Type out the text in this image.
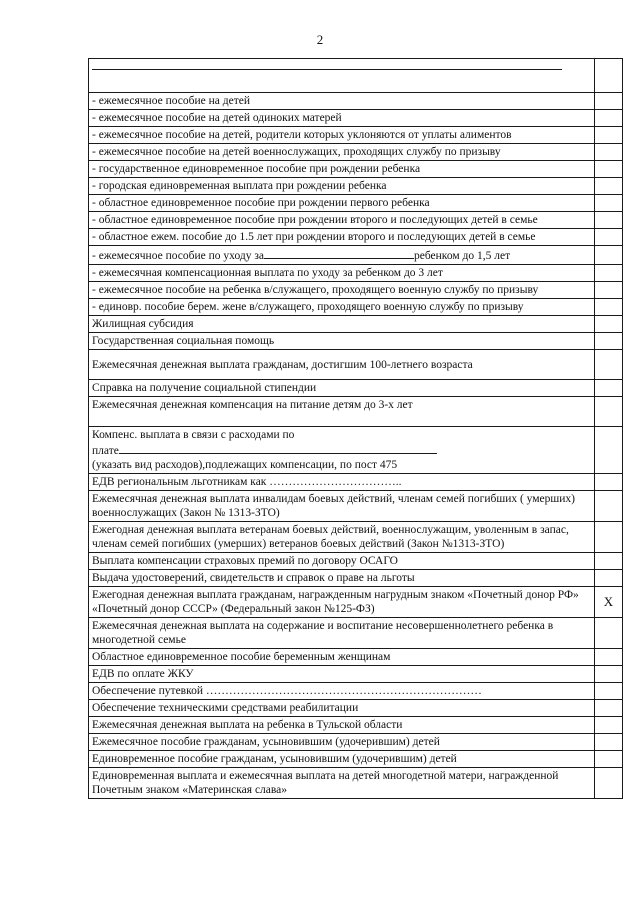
2

- ежемесячное пособие на детей	
- ежемесячное пособие на детей одиноких матерей	
- ежемесячное пособие на детей, родители которых уклоняются от уплаты алиментов	
- ежемесячное пособие на детей военнослужащих, проходящих службу по призыву	
- государственное единовременное пособие при рождении ребенка	
- городская единовременная выплата при рождении ребенка	
- областное единовременное пособие при рождении первого ребенка	
- областное единовременное пособие при рождении второго и последующих детей в семье	
- областное ежем. пособие до 1.5 лет при рождении второго и последующих детей в семье	
- ежемесячное пособие по уходу за ребенком до 1,5 лет	
- ежемесячная компенсационная выплата по уходу за ребенком до 3 лет	
- ежемесячное пособие на ребенка в/служащего, проходящего военную службу по призыву	
- единовр. пособие берем. жене в/служащего, проходящего военную службу по призыву	
Жилищная субсидия	
Государственная социальная помощь	
Ежемесячная денежная выплата гражданам, достигшим 100-летнего возраста	
Справка на получение социальной стипендии	
Ежемесячная денежная компенсация на питание детям до 3-х лет	

Компенс. выплата в связи с расходами по
плате
(указать вид расходов),подлежащих компенсации, по пост 475	

ЕДВ региональным льготникам как ……………………………..	
Ежемесячная денежная выплата инвалидам боевых действий, членам семей погибших ( умерших) военнослужащих (Закон № 1313-ЗТО)	
Ежегодная денежная выплата ветеранам боевых действий, военнослужащим, уволенным в запас, членам семей погибших (умерших) ветеранов боевых действий (Закон №1313-ЗТО)	
Выплата компенсации страховых премий по договору ОСАГО	
Выдача удостоверений, свидетельств и справок о праве на льготы	
Ежегодная денежная выплата гражданам, награжденным нагрудным знаком «Почетный донор РФ» «Почетный донор СССР» (Федеральный закон №125-ФЗ)	X
Ежемесячная денежная выплата на содержание и воспитание несовершеннолетнего ребенка в многодетной семье	
Областное единовременное пособие беременным женщинам	
ЕДВ по оплате ЖКУ	
Обеспечение путевкой ………………………………………………………………	
Обеспечение техническими средствами реабилитации	
Ежемесячная денежная выплата на ребенка в Тульской области	
Ежемесячное пособие гражданам, усыновившим (удочерившим) детей	
Единовременное пособие гражданам, усыновившим (удочерившим) детей	
Единовременная выплата и ежемесячная выплата на детей многодетной матери, награжденной Почетным знаком «Материнская слава»	
